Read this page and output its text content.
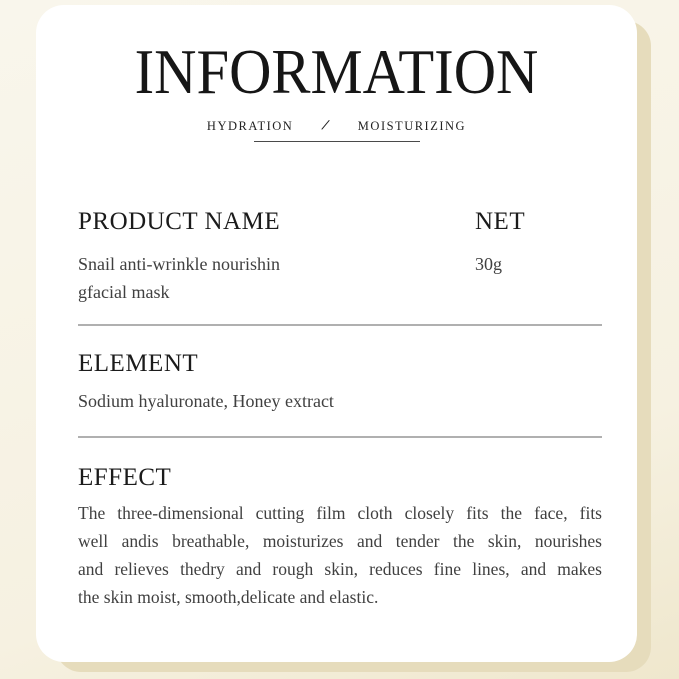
INFORMATION
HYDRATION / MOISTURIZING
PRODUCT NAME

Snail anti-wrinkle nourishin

gfacial mask

NET

30g

ELEMENT

Sodium hyaluronate, Honey extract

EFFECT
The three-dimensional cutting film cloth closely fits the face, fits
well andis breathable, moisturizes and tender the skin, nourishes
and relieves thedry and rough skin, reduces fine lines, and makes
the skin moist, smooth,delicate and elastic.
